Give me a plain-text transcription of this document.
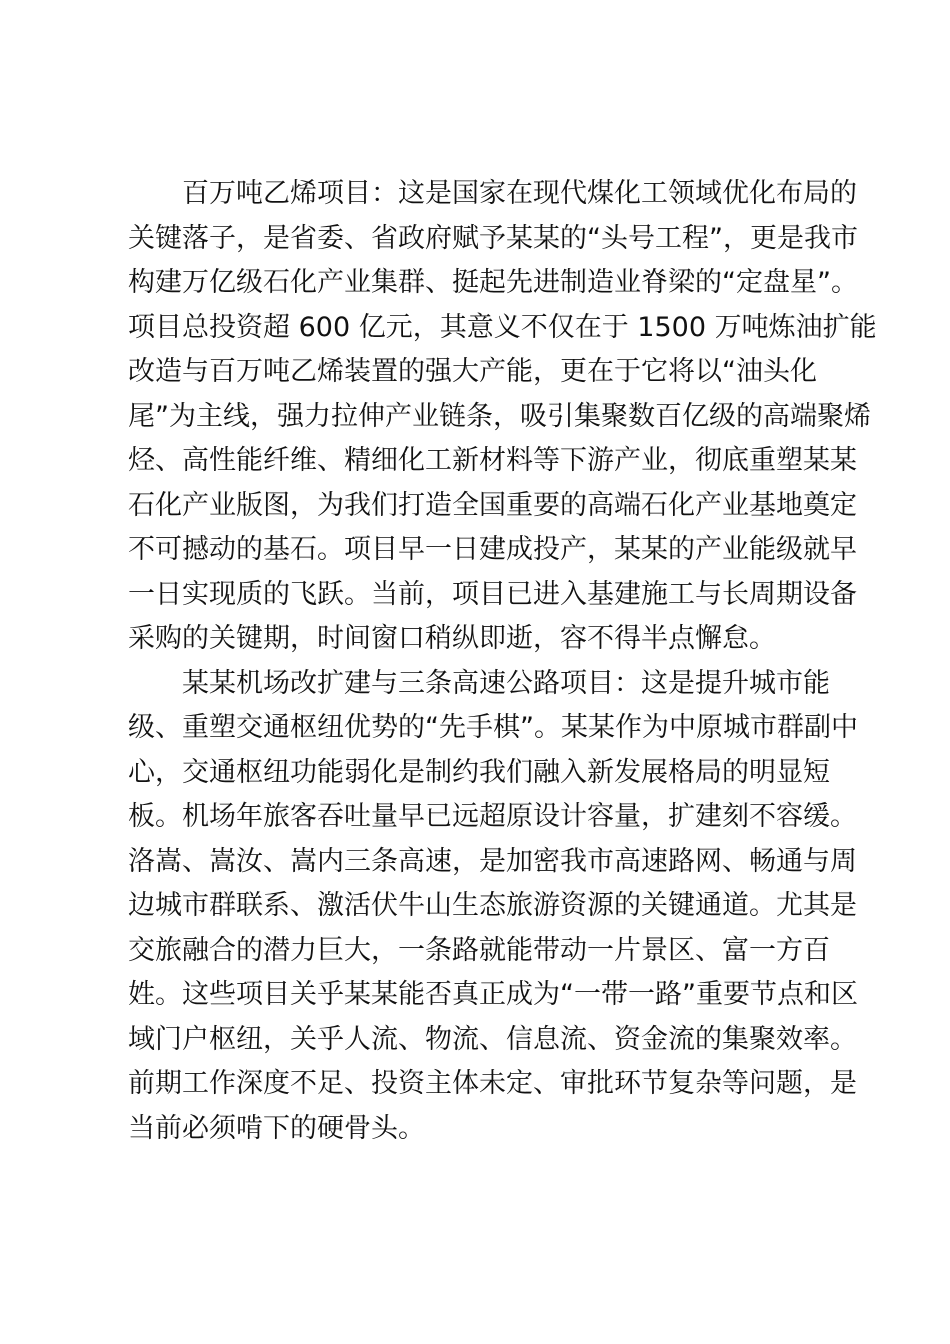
百万吨乙烯项目：这是国家在现代煤化工领域优化布局的
关键落子，是省委、省政府赋予某某的“头号工程”，更是我市
构建万亿级石化产业集群、挺起先进制造业脊梁的“定盘星”。
项目总投资超 600 亿元，其意义不仅在于 1500 万吨炼油扩能
改造与百万吨乙烯装置的强大产能，更在于它将以“油头化
尾”为主线，强力拉伸产业链条，吸引集聚数百亿级的高端聚烯
烃、高性能纤维、精细化工新材料等下游产业，彻底重塑某某
石化产业版图，为我们打造全国重要的高端石化产业基地奠定
不可撼动的基石。项目早一日建成投产，某某的产业能级就早
一日实现质的飞跃。当前，项目已进入基建施工与长周期设备
采购的关键期，时间窗口稍纵即逝，容不得半点懈怠。
某某机场改扩建与三条高速公路项目：这是提升城市能
级、重塑交通枢纽优势的“先手棋”。某某作为中原城市群副中
心，交通枢纽功能弱化是制约我们融入新发展格局的明显短
板。机场年旅客吞吐量早已远超原设计容量，扩建刻不容缓。
洛嵩、嵩汝、嵩内三条高速，是加密我市高速路网、畅通与周
边城市群联系、激活伏牛山生态旅游资源的关键通道。尤其是
交旅融合的潜力巨大，一条路就能带动一片景区、富一方百
姓。这些项目关乎某某能否真正成为“一带一路”重要节点和区
域门户枢纽，关乎人流、物流、信息流、资金流的集聚效率。
前期工作深度不足、投资主体未定、审批环节复杂等问题，是
当前必须啃下的硬骨头。
